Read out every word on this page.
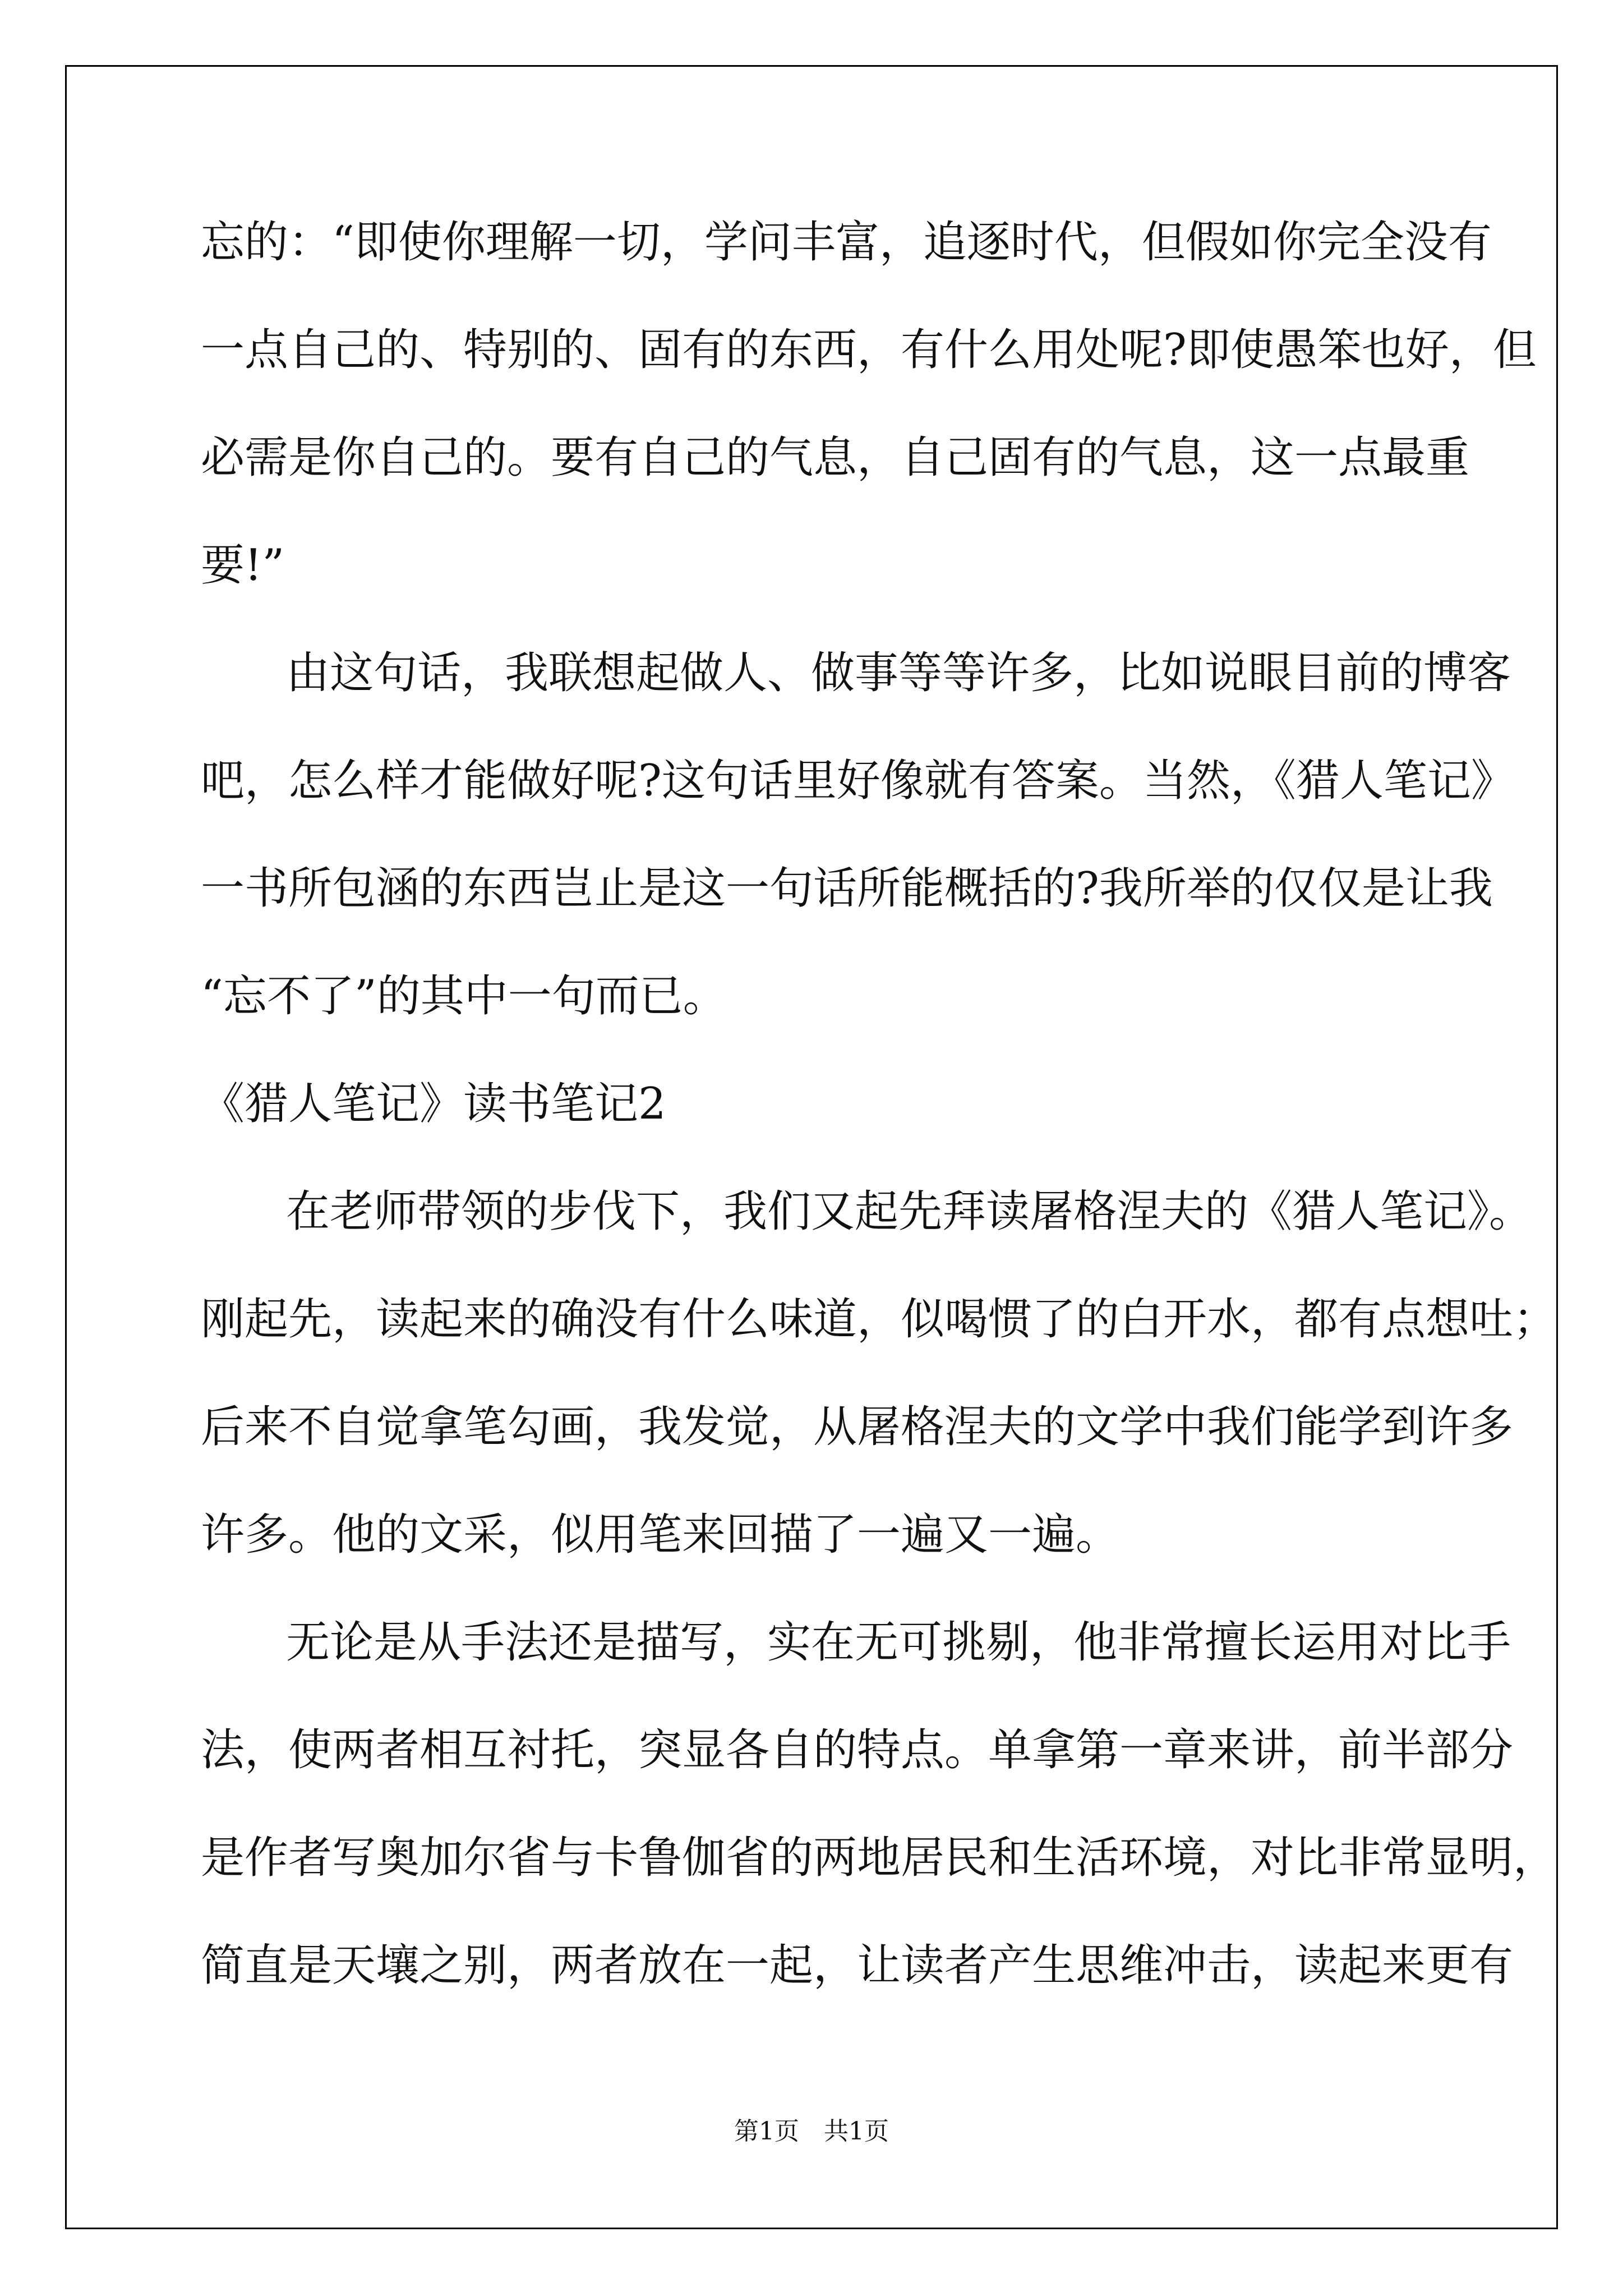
忘的：“即使你理解一切，学问丰富，追逐时代，但假如你完全没有
一点自己的、特别的、固有的东西，有什么用处呢?即使愚笨也好，但
必需是你自己的。要有自己的气息，自己固有的气息，这一点最重
要!”
由这句话，我联想起做人、做事等等许多，比如说眼目前的博客
吧，怎么样才能做好呢?这句话里好像就有答案。当然，《猎人笔记》
一书所包涵的东西岂止是这一句话所能概括的?我所举的仅仅是让我
“忘不了”的其中一句而已。
《猎人笔记》读书笔记2
在老师带领的步伐下，我们又起先拜读屠格涅夫的《猎人笔记》。
刚起先，读起来的确没有什么味道，似喝惯了的白开水，都有点想吐；
后来不自觉拿笔勾画，我发觉，从屠格涅夫的文学中我们能学到许多
许多。他的文采，似用笔来回描了一遍又一遍。
无论是从手法还是描写，实在无可挑剔，他非常擅长运用对比手
法，使两者相互衬托，突显各自的特点。单拿第一章来讲，前半部分
是作者写奥加尔省与卡鲁伽省的两地居民和生活环境，对比非常显明，
简直是天壤之别，两者放在一起，让读者产生思维冲击，读起来更有
第1页　共1页
